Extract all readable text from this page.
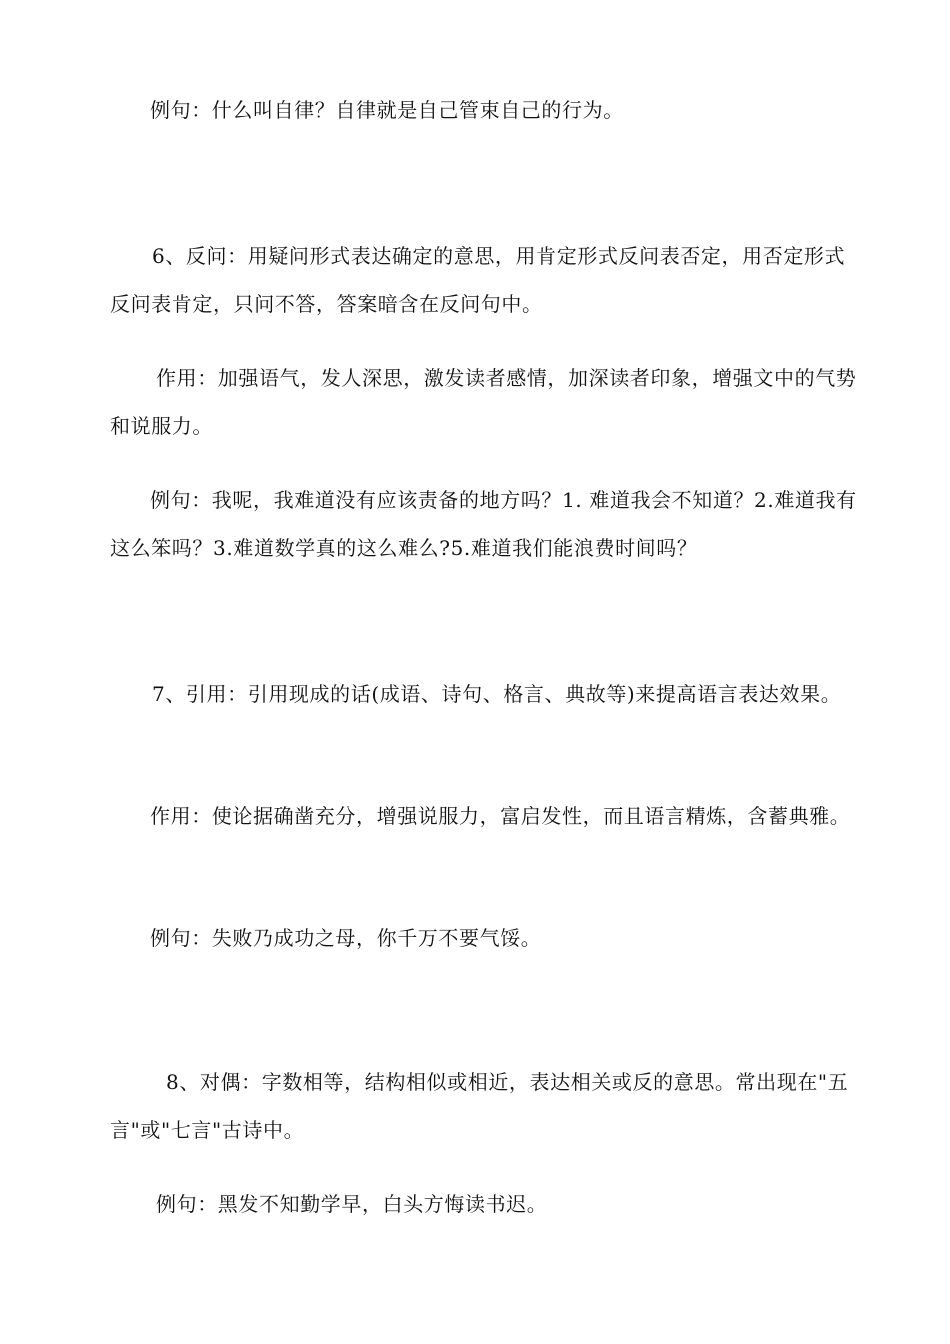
例句：什么叫自律？自律就是自己管束自己的行为。

6、反问：用疑问形式表达确定的意思，用肯定形式反问表否定，用否定形式反问表肯定，只问不答，答案暗含在反问句中。

作用：加强语气，发人深思，激发读者感情，加深读者印象，增强文中的气势和说服力。

例句：我呢，我难道没有应该责备的地方吗？1. 难道我会不知道？2.难道我有这么笨吗？3.难道数学真的这么难么?5.难道我们能浪费时间吗？

7、引用：引用现成的话(成语、诗句、格言、典故等)来提高语言表达效果。

作用：使论据确凿充分，增强说服力，富启发性，而且语言精炼，含蓄典雅。

例句：失败乃成功之母，你千万不要气馁。

8、对偶：字数相等，结构相似或相近，表达相关或反的意思。常出现在"五言"或"七言"古诗中。

例句：黑发不知勤学早，白头方悔读书迟。
